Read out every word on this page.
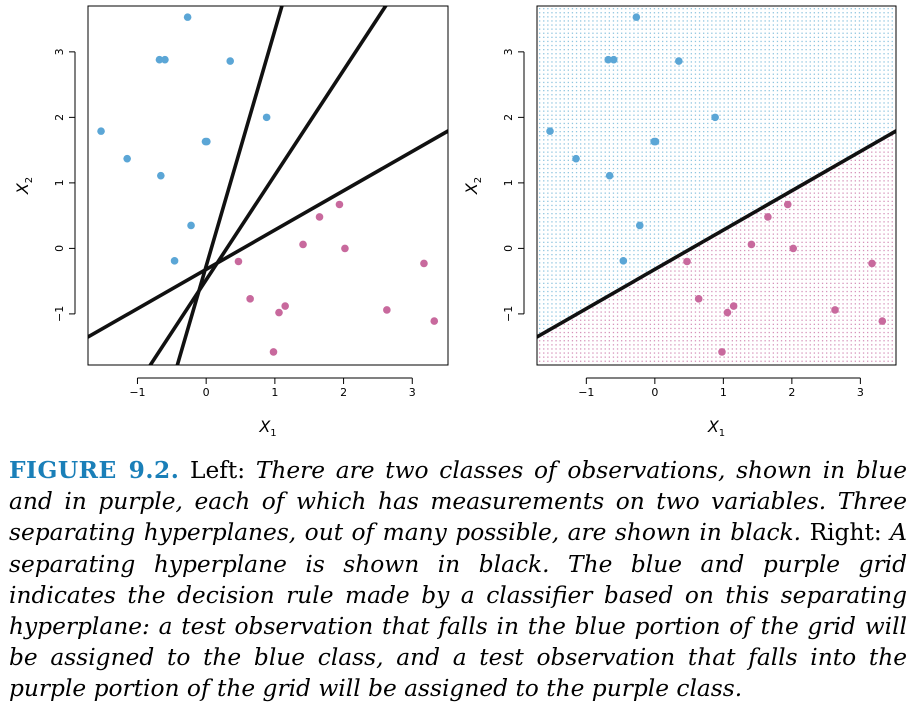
−1	0	1	2	3
−1
0
1
2
3
$X_1$
$X_2$
−1	0	1	2	3
−1
0
1
2
3
$X_1$
$X_2$
FIGURE 9.2. Left: There are two classes of observations, shown in blue and in purple, each of which has measurements on two variables. Three separating hyperplanes, out of many possible, are shown in black. Right: A separating hyperplane is shown in black. The blue and purple grid indicates the decision rule made by a classifier based on this separating hyperplane: a test observation that falls in the blue portion of the grid will be assigned to the blue class, and a test observation that falls into the purple portion of the grid will be assigned to the purple class.
